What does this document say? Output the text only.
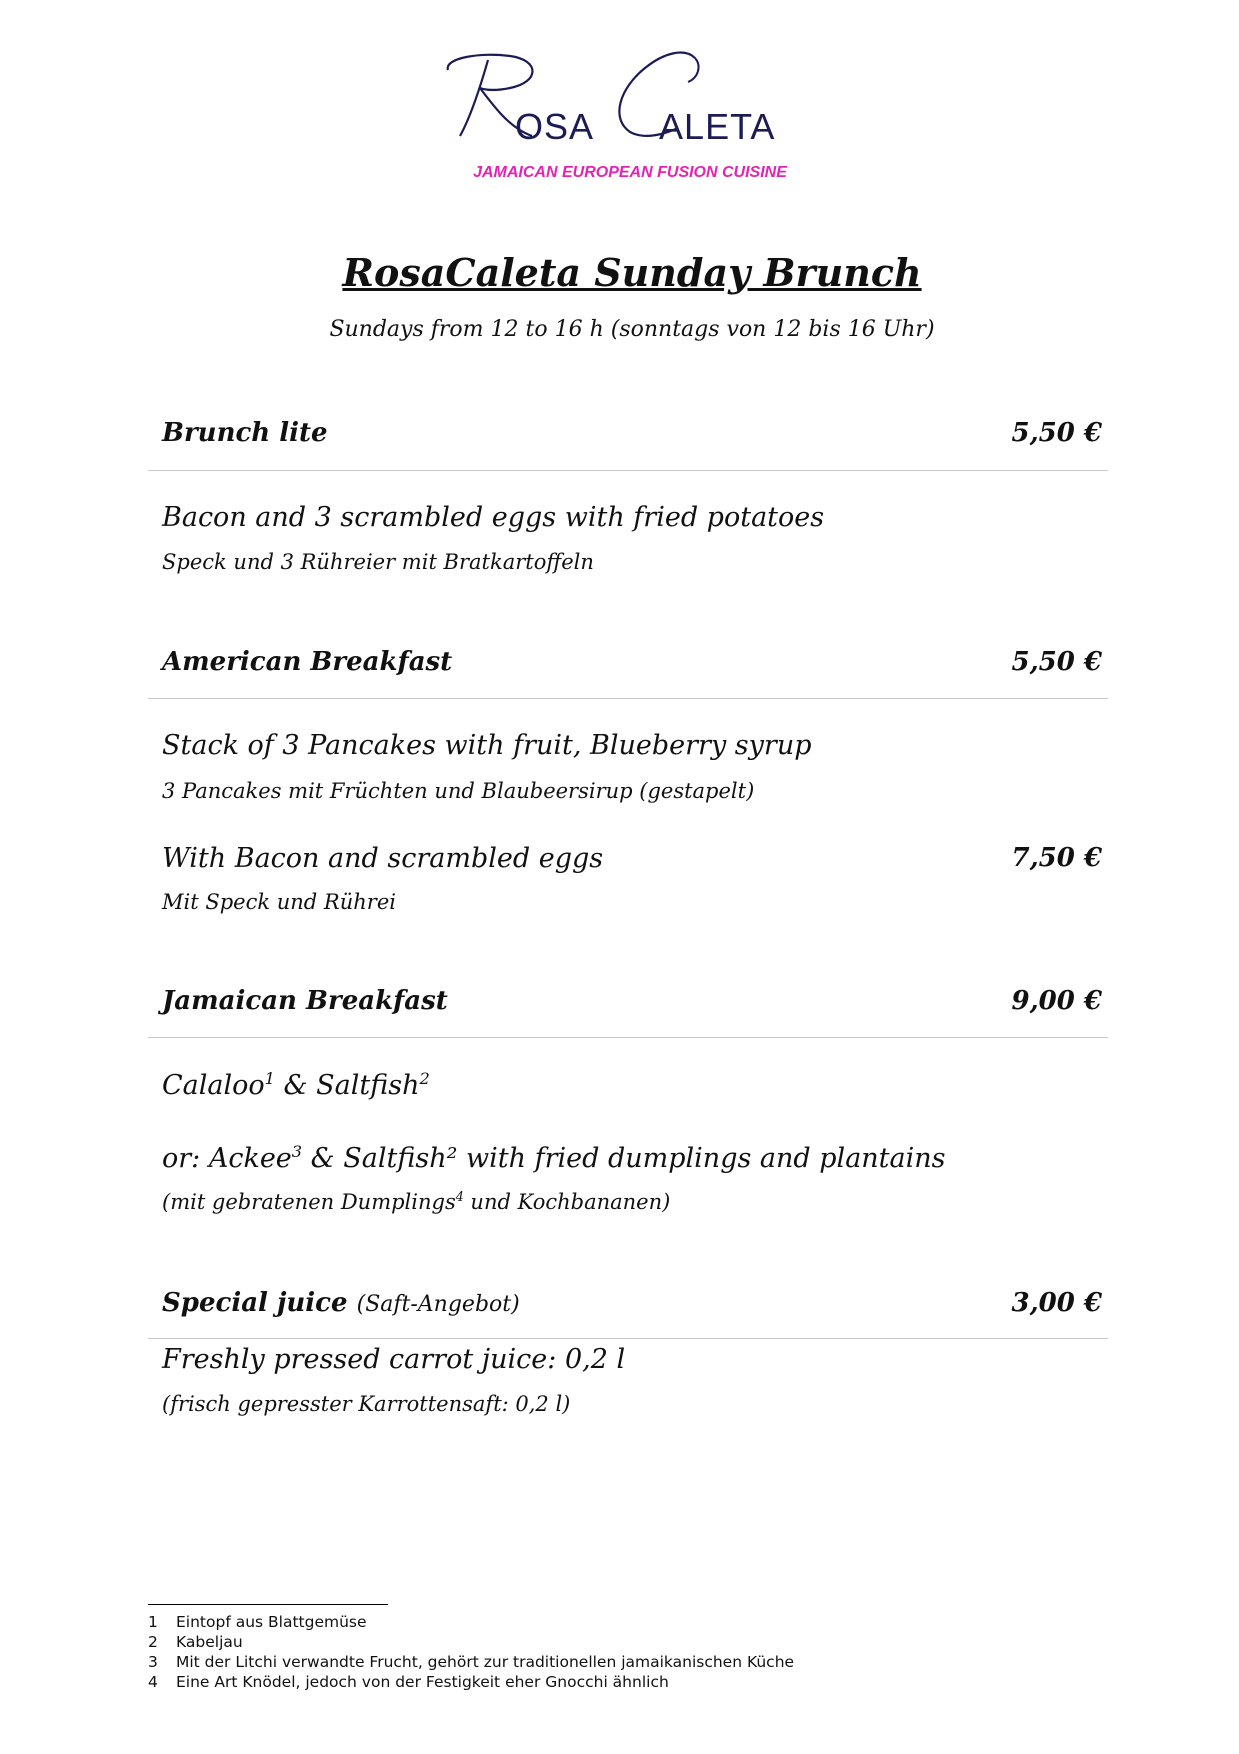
OSA ALETA
JAMAICAN EUROPEAN FUSION CUISINE
RosaCaleta Sunday Brunch
Sundays from 12 to 16 h (sonntags von 12 bis 16 Uhr)
Brunch lite	5,50 €
Bacon and 3 scrambled eggs with fried potatoes
Speck und 3 Rühreier mit Bratkartoffeln
American Breakfast	5,50 €
Stack of 3 Pancakes with fruit, Blueberry syrup
3 Pancakes mit Früchten und Blaubeersirup (gestapelt)
With Bacon and scrambled eggs	7,50 €
Mit Speck und Rührei
Jamaican Breakfast	9,00 €
Calaloo$^1$ & Saltfish$^2$
or: Ackee$^3$ & Saltfish² with fried dumplings and plantains
(mit gebratenen Dumplings$^4$ und Kochbananen)
Special juice (Saft-Angebot)	3,00 €
Freshly pressed carrot juice: 0,2 l
(frisch gepresster Karrottensaft: 0,2 l)
1 Eintopf aus Blattgemüse
2 Kabeljau
3 Mit der Litchi verwandte Frucht, gehört zur traditionellen jamaikanischen Küche
4 Eine Art Knödel, jedoch von der Festigkeit eher Gnocchi ähnlich
